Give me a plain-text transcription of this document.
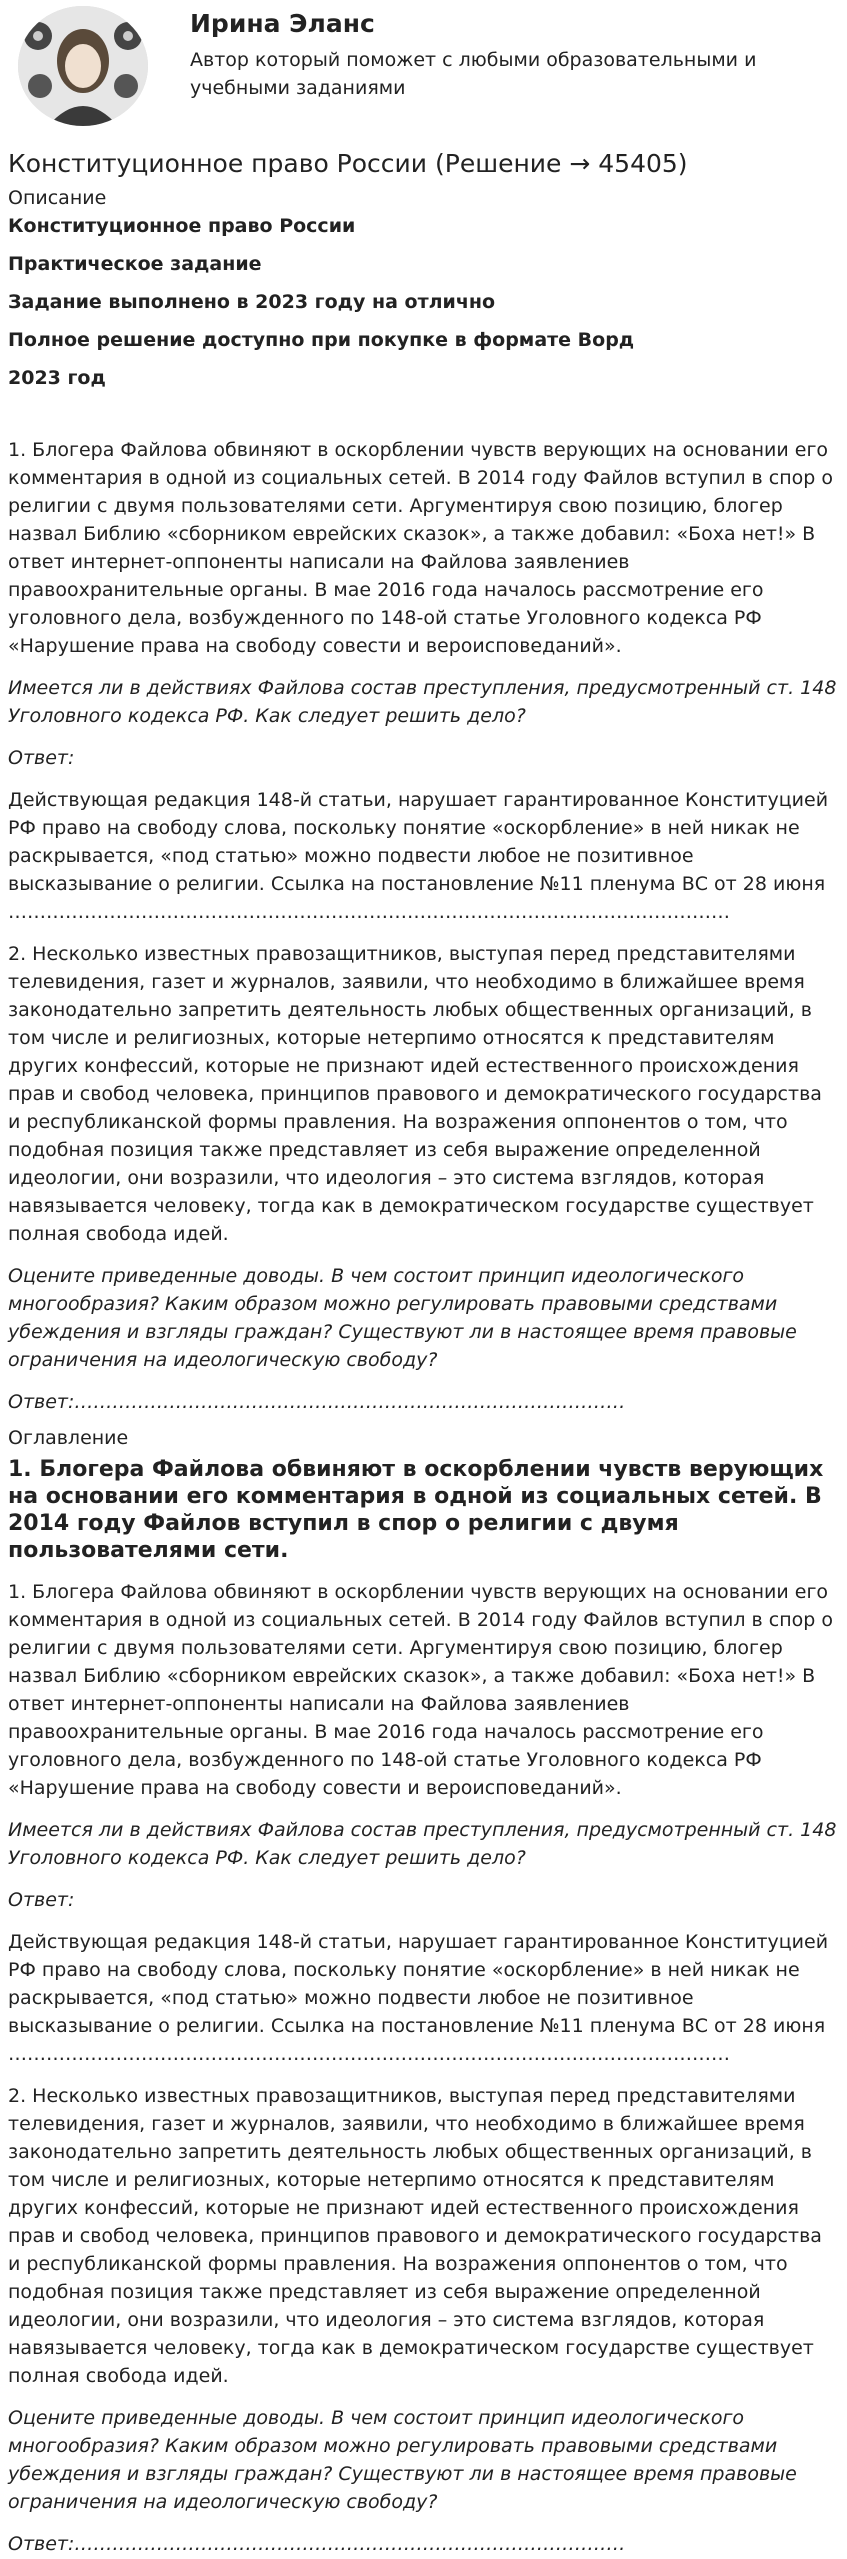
Ирина Эланс
Автор который поможет с любыми образовательными и учебными заданиями
Конституционное право России (Решение → 45405)
Описание
Конституционное право России
Практическое задание
Задание выполнено в 2023 году на отлично
Полное решение доступно при покупке в формате Ворд
2023 год

1. Блогера Файлова обвиняют в оскорблении чувств верующих на основании его комментария в одной из социальных сетей. В 2014 году Файлов вступил в спор о религии с двумя пользователями сети. Аргументируя свою позицию, блогер назвал Библию «сборником еврейских сказок», а также добавил: «Боха нет!» В ответ интернет-оппоненты написали на Файлова заявлениев правоохранительные органы. В мае 2016 года началось рассмотрение его уголовного дела, возбужденного по 148-ой статье Уголовного кодекса РФ «Нарушение права на свободу совести и вероисповеданий».

Имеется ли в действиях Файлова состав преступления, предусмотренный ст. 148 Уголовного кодекса РФ. Как следует решить дело?

Ответ:

Действующая редакция 148-й статьи, нарушает гарантированное Конституцией РФ право на свободу слова, поскольку понятие «оскорбление» в ней никак не раскрывается, «под статью» можно подвести любое не позитивное высказывание о религии. Ссылка на постановление №11 пленума ВС от 28 июня

……………………………………………………………………………………………………

2. Несколько известных правозащитников, выступая перед представителями телевидения, газет и журналов, заявили, что необходимо в ближайшее время законодательно запретить деятельность любых общественных организаций, в том числе и религиозных, которые нетерпимо относятся к представителям других конфессий, которые не признают идей естественного происхождения прав и свобод человека, принципов правового и демократического государства и республиканской формы правления. На возражения оппонентов о том, что подобная позиция также представляет из себя выражение определенной идеологии, они возразили, что идеология – это система взглядов, которая навязывается человеку, тогда как в демократическом государстве существует полная свобода идей.

Оцените приведенные доводы. В чем состоит принцип идеологического многообразия? Каким образом можно регулировать правовыми средствами убеждения и взгляды граждан? Существуют ли в настоящее время правовые ограничения на идеологическую свободу?

Ответ:……………………………………………………………………………

Оглавление
1. Блогера Файлова обвиняют в оскорблении чувств верующих на основании его комментария в одной из социальных сетей. В 2014 году Файлов вступил в спор о религии с двумя пользователями сети.

1. Блогера Файлова обвиняют в оскорблении чувств верующих на основании его комментария в одной из социальных сетей. В 2014 году Файлов вступил в спор о религии с двумя пользователями сети. Аргументируя свою позицию, блогер назвал Библию «сборником еврейских сказок», а также добавил: «Боха нет!» В ответ интернет-оппоненты написали на Файлова заявлениев правоохранительные органы. В мае 2016 года началось рассмотрение его уголовного дела, возбужденного по 148-ой статье Уголовного кодекса РФ «Нарушение права на свободу совести и вероисповеданий».

Имеется ли в действиях Файлова состав преступления, предусмотренный ст. 148 Уголовного кодекса РФ. Как следует решить дело?

Ответ:

Действующая редакция 148-й статьи, нарушает гарантированное Конституцией РФ право на свободу слова, поскольку понятие «оскорбление» в ней никак не раскрывается, «под статью» можно подвести любое не позитивное высказывание о религии. Ссылка на постановление №11 пленума ВС от 28 июня

……………………………………………………………………………………………………

2. Несколько известных правозащитников, выступая перед представителями телевидения, газет и журналов, заявили, что необходимо в ближайшее время законодательно запретить деятельность любых общественных организаций, в том числе и религиозных, которые нетерпимо относятся к представителям других конфессий, которые не признают идей естественного происхождения прав и свобод человека, принципов правового и демократического государства и республиканской формы правления. На возражения оппонентов о том, что подобная позиция также представляет из себя выражение определенной идеологии, они возразили, что идеология – это система взглядов, которая навязывается человеку, тогда как в демократическом государстве существует полная свобода идей.

Оцените приведенные доводы. В чем состоит принцип идеологического многообразия? Каким образом можно регулировать правовыми средствами убеждения и взгляды граждан? Существуют ли в настоящее время правовые ограничения на идеологическую свободу?

Ответ:……………………………………………………………………………
